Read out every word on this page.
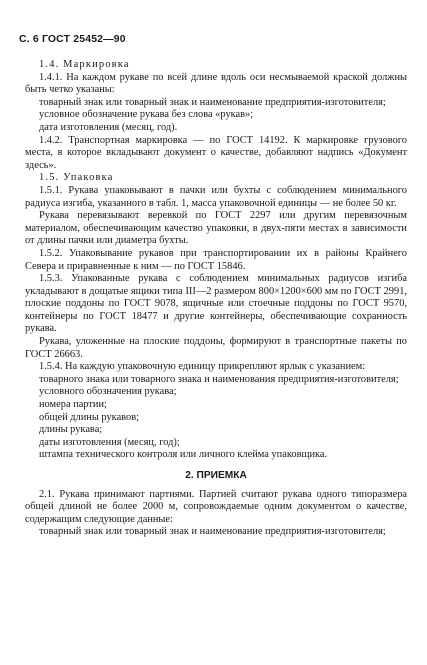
С. 6 ГОСТ 25452—90

1.4. Маркировка

1.4.1. На каждом рукаве по всей длине вдоль оси несмываемой краской должны быть четко указаны:

товарный знак или товарный знак и наименование предприятия-изготовителя;

условное обозначение рукава без слова «рукав»;

дата изготовления (месяц, год).

1.4.2. Транспортная маркировка — по ГОСТ 14192. К маркировке грузового места, в которое вкладывают документ о качестве, добавляют надпись «Документ здесь».

1.5. Упаковка

1.5.1. Рукава упаковывают в пачки или бухты с соблюдением минимального радиуса изгиба, указанного в табл. 1, масса упаковочной единицы — не более 50 кг.

Рукава перевязывают веревкой по ГОСТ 2297 или другим перевязочным материалом, обеспечивающим качество упаковки, в двух-пяти местах в зависимости от длины пачки или диаметра бухты.

1.5.2. Упаковывание рукавов при транспортировании их в районы Крайнего Севера и приравненные к ним — по ГОСТ 15846.

1.5.3. Упакованные рукава с соблюдением минимальных радиусов изгиба укладывают в дощатые ящики типа III—2 размером 800×1200×600 мм по ГОСТ 2991, плоские поддоны по ГОСТ 9078, ящичные или стоечные поддоны по ГОСТ 9570, контейнеры по ГОСТ 18477 и другие контейнеры, обеспечивающие сохранность рукава.

Рукава, уложенные на плоские поддоны, формируют в транспортные пакеты по ГОСТ 26663.

1.5.4. На каждую упаковочную единицу прикрепляют ярлык с указанием:

товарного знака или товарного знака и наименования предприятия-изготовителя;

условного обозначения рукава;

номера партии;

общей длины рукавов;

длины рукава;

даты изготовления (месяц, год);

штампа технического контроля или личного клейма упаковщика.

2. ПРИЕМКА

2.1. Рукава принимают партиями. Партией считают рукава одного типоразмера общей длиной не более 2000 м, сопровождаемые одним документом о качестве, содержащим следующие данные:

товарный знак или товарный знак и наименование предприятия-изготовителя;
